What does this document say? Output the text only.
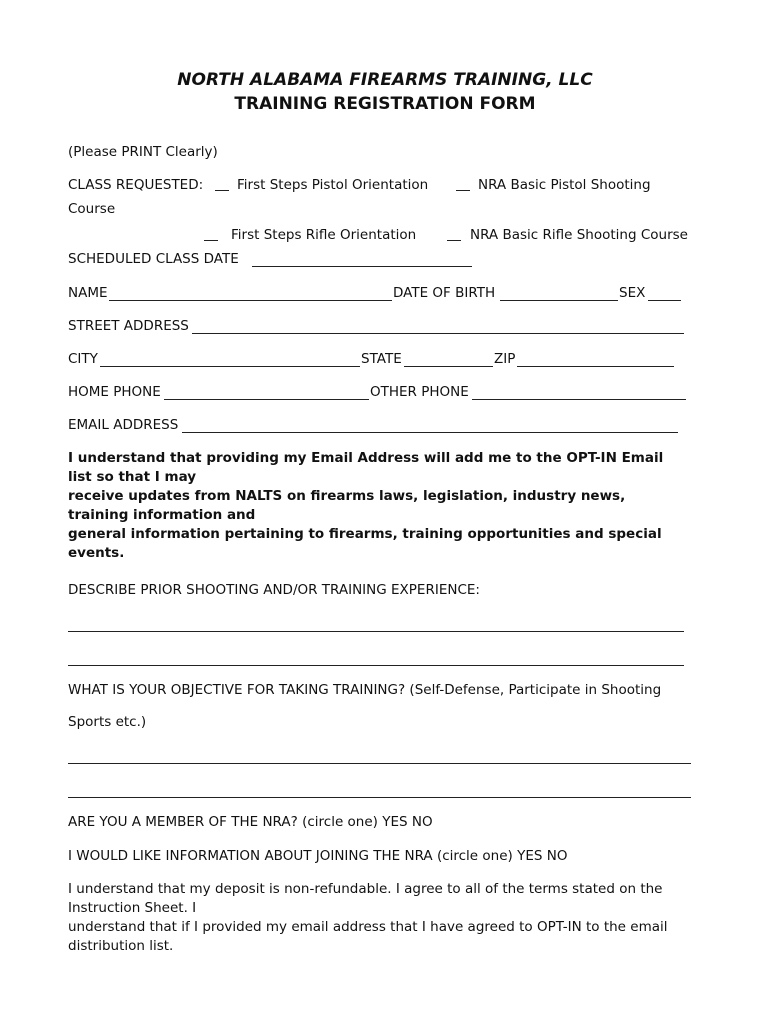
NORTH ALABAMA FIREARMS TRAINING, LLC
TRAINING REGISTRATION FORM
(Please PRINT Clearly)
CLASS REQUESTED:	First Steps Pistol Orientation	NRA Basic Pistol Shooting
Course
First Steps Rifle Orientation	NRA Basic Rifle Shooting Course
SCHEDULED CLASS DATE
NAME	DATE OF BIRTH	SEX
STREET ADDRESS
CITY	STATE	ZIP
HOME PHONE	OTHER PHONE
EMAIL ADDRESS
I understand that providing my Email Address will add me to the OPT-IN Email
list so that I may
receive updates from NALTS on firearms laws, legislation, industry news,
training information and
general information pertaining to firearms, training opportunities and special
events.
DESCRIBE PRIOR SHOOTING AND/OR TRAINING EXPERIENCE:
WHAT IS YOUR OBJECTIVE FOR TAKING TRAINING? (Self-Defense, Participate in Shooting
Sports etc.)
ARE YOU A MEMBER OF THE NRA? (circle one) YES NO
I WOULD LIKE INFORMATION ABOUT JOINING THE NRA (circle one) YES NO
I understand that my deposit is non-refundable. I agree to all of the terms stated on the
Instruction Sheet. I
understand that if I provided my email address that I have agreed to OPT-IN to the email
distribution list.
